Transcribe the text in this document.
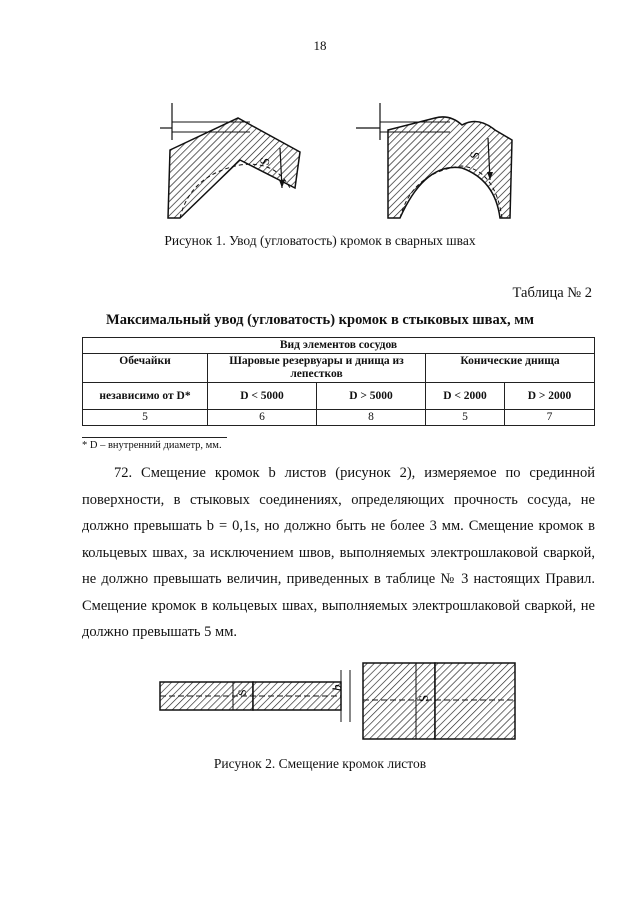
18
S
S
Рисунок 1. Увод (угловатость) кромок в сварных швах
Таблица № 2
Максимальный увод (угловатость) кромок в стыковых швах, мм
Вид элементов сосудов				
Обечайки	Шаровые резервуары и днища из лепестков		Конические днища	
независимо от D*	D < 5000	D > 5000	D < 2000	D > 2000
5	6	8	5	7
* D – внутренний диаметр, мм.
72. Смещение кромок b листов (рисунок 2), измеряемое по срединной поверхности, в стыковых соединениях, определяющих прочность сосуда, не должно превышать b = 0,1s, но должно быть не более 3 мм. Смещение кромок в кольцевых швах, за исключением швов, выполняемых электрошлаковой сваркой, не должно превышать величин, приведенных в таблице № 3 настоящих Правил. Смещение кромок в кольцевых швах, выполняемых электрошлаковой сваркой, не должно превышать 5 мм.
S
b
S
Рисунок 2. Смещение кромок листов
